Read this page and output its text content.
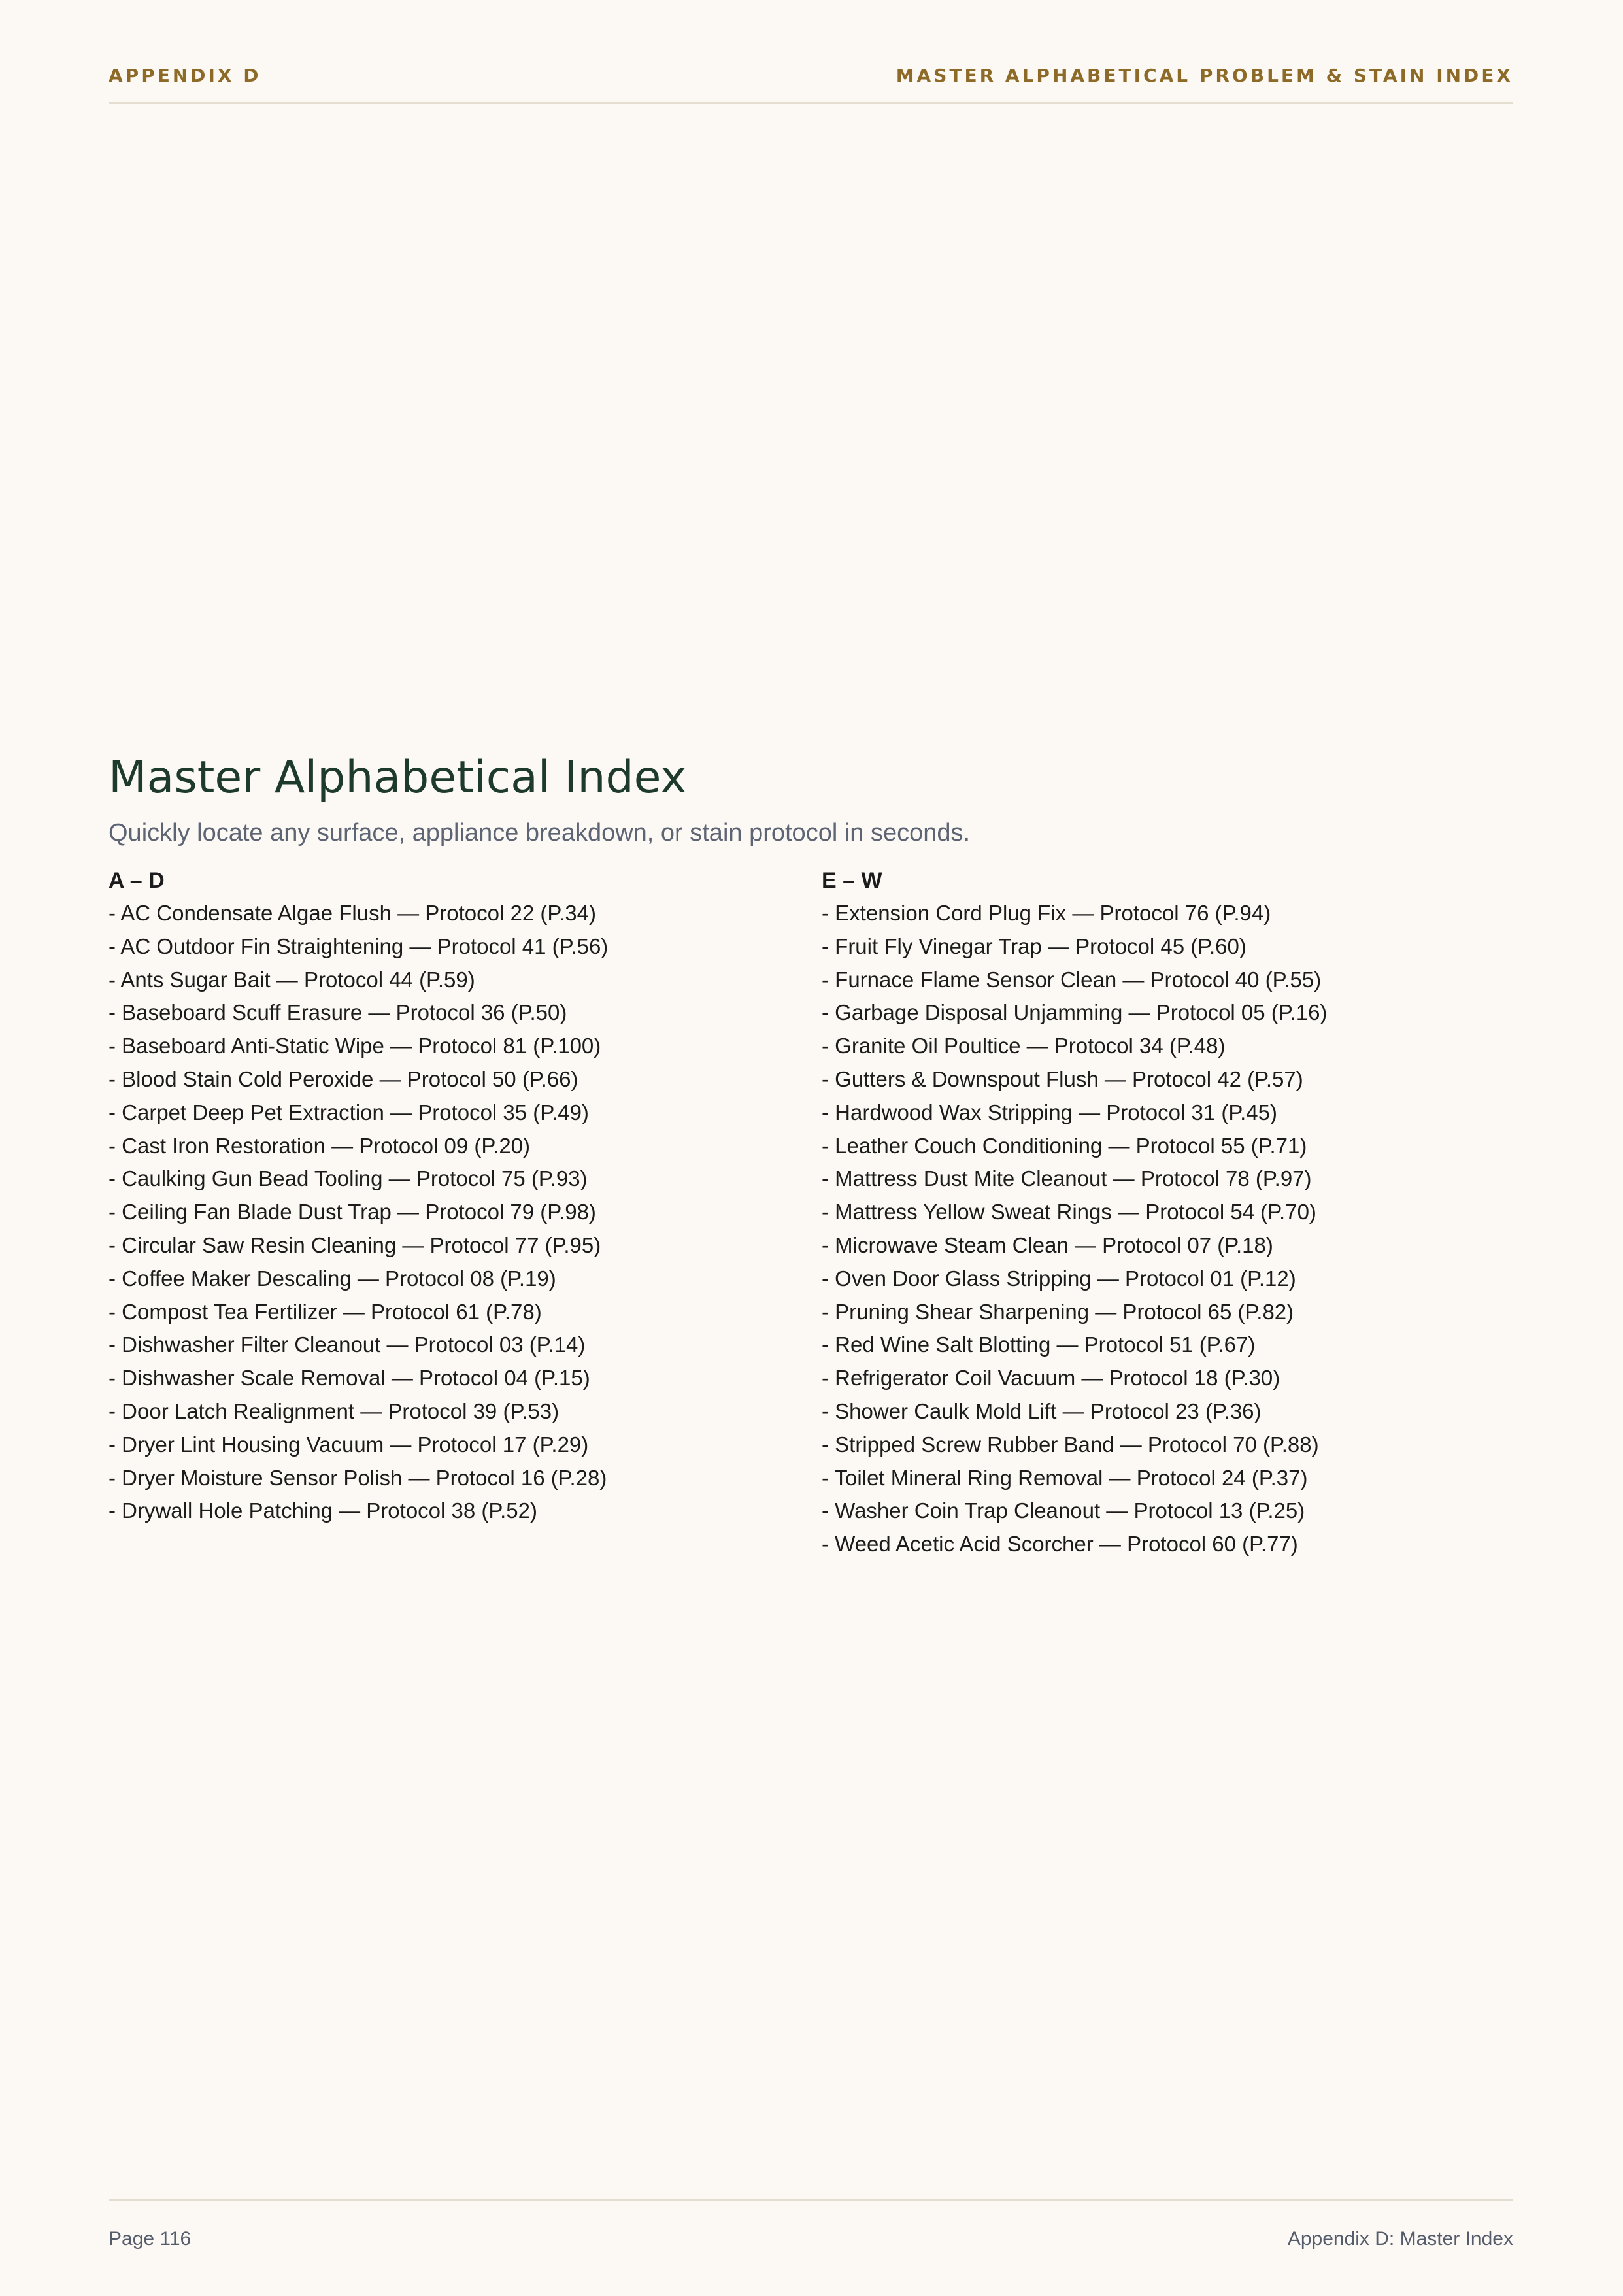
APPENDIX D	MASTER ALPHABETICAL PROBLEM & STAIN INDEX
Master Alphabetical Index

Quickly locate any surface, appliance breakdown, or stain protocol in seconds.

A – D
- AC Condensate Algae Flush — Protocol 22 (P.34)
- AC Outdoor Fin Straightening — Protocol 41 (P.56)
- Ants Sugar Bait — Protocol 44 (P.59)
- Baseboard Scuff Erasure — Protocol 36 (P.50)
- Baseboard Anti-Static Wipe — Protocol 81 (P.100)
- Blood Stain Cold Peroxide — Protocol 50 (P.66)
- Carpet Deep Pet Extraction — Protocol 35 (P.49)
- Cast Iron Restoration — Protocol 09 (P.20)
- Caulking Gun Bead Tooling — Protocol 75 (P.93)
- Ceiling Fan Blade Dust Trap — Protocol 79 (P.98)
- Circular Saw Resin Cleaning — Protocol 77 (P.95)
- Coffee Maker Descaling — Protocol 08 (P.19)
- Compost Tea Fertilizer — Protocol 61 (P.78)
- Dishwasher Filter Cleanout — Protocol 03 (P.14)
- Dishwasher Scale Removal — Protocol 04 (P.15)
- Door Latch Realignment — Protocol 39 (P.53)
- Dryer Lint Housing Vacuum — Protocol 17 (P.29)
- Dryer Moisture Sensor Polish — Protocol 16 (P.28)
- Drywall Hole Patching — Protocol 38 (P.52)
E – W
- Extension Cord Plug Fix — Protocol 76 (P.94)
- Fruit Fly Vinegar Trap — Protocol 45 (P.60)
- Furnace Flame Sensor Clean — Protocol 40 (P.55)
- Garbage Disposal Unjamming — Protocol 05 (P.16)
- Granite Oil Poultice — Protocol 34 (P.48)
- Gutters & Downspout Flush — Protocol 42 (P.57)
- Hardwood Wax Stripping — Protocol 31 (P.45)
- Leather Couch Conditioning — Protocol 55 (P.71)
- Mattress Dust Mite Cleanout — Protocol 78 (P.97)
- Mattress Yellow Sweat Rings — Protocol 54 (P.70)
- Microwave Steam Clean — Protocol 07 (P.18)
- Oven Door Glass Stripping — Protocol 01 (P.12)
- Pruning Shear Sharpening — Protocol 65 (P.82)
- Red Wine Salt Blotting — Protocol 51 (P.67)
- Refrigerator Coil Vacuum — Protocol 18 (P.30)
- Shower Caulk Mold Lift — Protocol 23 (P.36)
- Stripped Screw Rubber Band — Protocol 70 (P.88)
- Toilet Mineral Ring Removal — Protocol 24 (P.37)
- Washer Coin Trap Cleanout — Protocol 13 (P.25)
- Weed Acetic Acid Scorcher — Protocol 60 (P.77)
Page 116	Appendix D: Master Index
